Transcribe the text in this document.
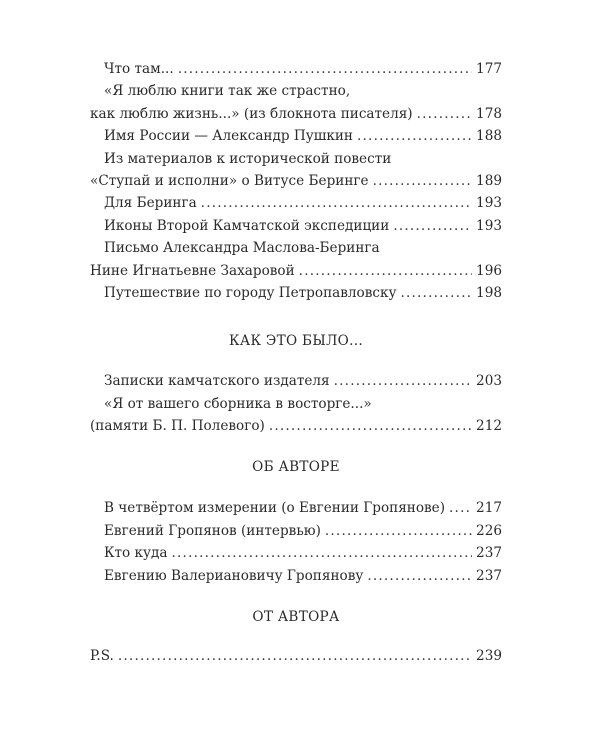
Что там... .....	177
«Я люблю книги так же страстно,
как люблю жизнь...» (из блокнота писателя) .....	178
Имя России — Александр Пушкин .....	188
Из материалов к исторической повести
«Ступай и исполни» о Витусе Беринге .....	189
Для Беринга .....	193
Иконы Второй Камчатской экспедиции .....	193
Письмо Александра Маслова-Беринга
Нине Игнатьевне Захаровой .....	196
Путешествие по городу Петропавловску .....	198
КАК ЭТО БЫЛО...
Записки камчатского издателя .....	203
«Я от вашего сборника в восторге...»
(памяти Б. П. Полевого) .....	212
ОБ АВТОРЕ
В четвёртом измерении (о Евгении Гропянове) ..... 217
Евгений Гропянов (интервью) .....	226
Кто куда .....	237
Евгению Валериановичу Гропянову .....	237
ОТ АВТОРА
P.S. .....	239
